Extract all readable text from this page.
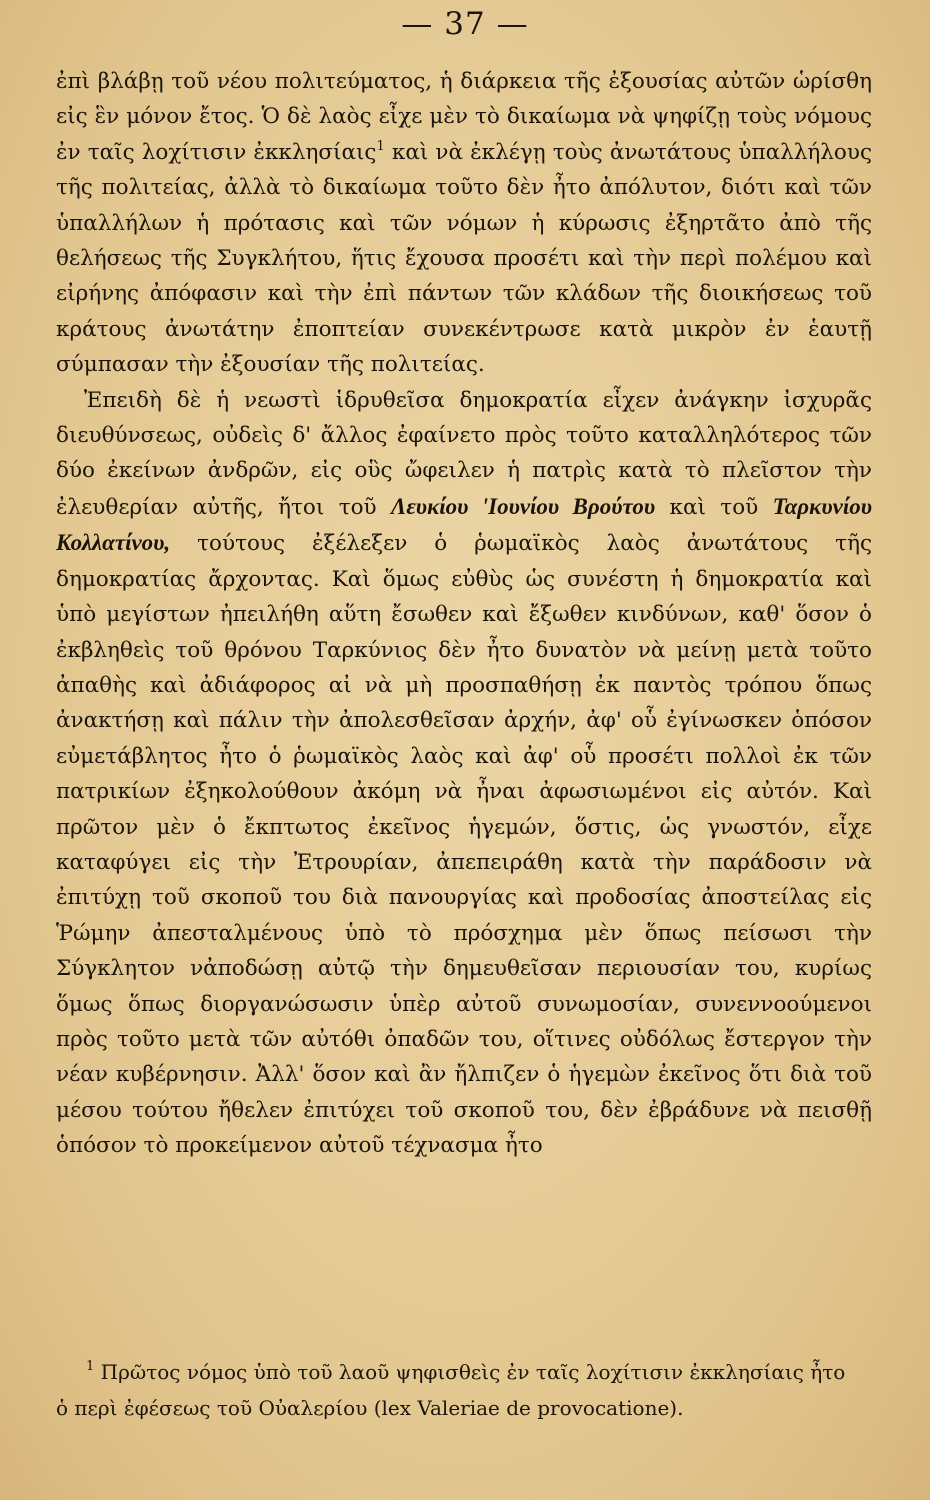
— 37 —

ἐπὶ βλάβῃ τοῦ νέου πολιτεύματος, ἡ διάρκεια τῆς ἐξουσίας αὐτῶν ὡρίσθη εἰς ἓν μόνον ἔτος. Ὁ δὲ λαὸς εἶχε μὲν τὸ δικαίωμα νὰ ψηφίζῃ τοὺς νόμους ἐν ταῖς λοχίτισιν ἐκκλησίαις$^1$ καὶ νὰ ἐκλέγῃ τοὺς ἀνωτάτους ὑπαλλήλους τῆς πολιτείας, ἀλλὰ τὸ δικαίωμα τοῦτο δὲν ἦτο ἀπόλυτον, διότι καὶ τῶν ὑπαλλήλων ἡ πρότασις καὶ τῶν νόμων ἡ κύρωσις ἐξηρτᾶτο ἀπὸ τῆς θελήσεως τῆς Συγκλήτου, ἥτις ἔχουσα προσέτι καὶ τὴν περὶ πολέμου καὶ εἰρήνης ἀπόφασιν καὶ τὴν ἐπὶ πάντων τῶν κλάδων τῆς διοικήσεως τοῦ κράτους ἀνωτάτην ἐποπτείαν συνεκέντρωσε κατὰ μικρὸν ἐν ἑαυτῇ σύμπασαν τὴν ἐξουσίαν τῆς πολιτείας.

Ἐπειδὴ δὲ ἡ νεωστὶ ἱδρυθεῖσα δημοκρατία εἶχεν ἀνάγκην ἰσχυρᾶς διευθύνσεως, οὐδεὶς δ' ἄλλος ἐφαίνετο πρὸς τοῦτο καταλληλότερος τῶν δύο ἐκείνων ἀνδρῶν, εἰς οὓς ὤφειλεν ἡ πατρὶς κατὰ τὸ πλεῖστον τὴν ἐλευθερίαν αὐτῆς, ἤτοι τοῦ Λευκίου 'Ιουνίου Βρούτου καὶ τοῦ Ταρκυνίου Κολλατίνου, τούτους ἐξέλεξεν ὁ ῥωμαϊκὸς λαὸς ἀνωτάτους τῆς δημοκρατίας ἄρχοντας. Καὶ ὅμως εὐθὺς ὡς συνέστη ἡ δημοκρατία καὶ ὑπὸ μεγίστων ἠπειλήθη αὕτη ἔσωθεν καὶ ἔξωθεν κινδύνων, καθ' ὅσον ὁ ἐκβληθεὶς τοῦ θρόνου Ταρκύνιος δὲν ἦτο δυνατὸν νὰ μείνῃ μετὰ τοῦτο ἀπαθὴς καὶ ἀδιάφορος αἰ νὰ μὴ προσπαθήσῃ ἐκ παντὸς τρόπου ὅπως ἀνακτήσῃ καὶ πάλιν τὴν ἀπολεσθεῖσαν ἀρχήν, ἀφ' οὗ ἐγίνωσκεν ὁπόσον εὐμετάβλητος ἦτο ὁ ῥωμαϊκὸς λαὸς καὶ ἀφ' οὗ προσέτι πολλοὶ ἐκ τῶν πατρικίων ἐξηκολούθουν ἀκόμη νὰ ἦναι ἀφωσιωμένοι εἰς αὐτόν. Καὶ πρῶτον μὲν ὁ ἔκπτωτος ἐκεῖνος ἡγεμών, ὅστις, ὡς γνωστόν, εἶχε καταφύγει εἰς τὴν Ἐτρουρίαν, ἀπεπειράθη κατὰ τὴν παράδοσιν νὰ ἐπιτύχῃ τοῦ σκοποῦ του διὰ πανουργίας καὶ προδοσίας ἀποστείλας εἰς Ῥώμην ἀπεσταλμένους ὑπὸ τὸ πρόσχημα μὲν ὅπως πείσωσι τὴν Σύγκλητον νἀποδώσῃ αὐτῷ τὴν δημευθεῖσαν περιουσίαν του, κυρίως ὅμως ὅπως διοργανώσωσιν ὑπὲρ αὐτοῦ συνωμοσίαν, συνεννοούμενοι πρὸς τοῦτο μετὰ τῶν αὐτόθι ὀπαδῶν του, οἵτινες οὐδόλως ἔστεργον τὴν νέαν κυβέρνησιν. Ἀλλ' ὅσον καὶ ἂν ἤλπιζεν ὁ ἡγεμὼν ἐκεῖνος ὅτι διὰ τοῦ μέσου τούτου ἤθελεν ἐπιτύχει τοῦ σκοποῦ του, δὲν ἐβράδυνε νὰ πεισθῇ ὁπόσον τὸ προκείμενον αὐτοῦ τέχνασμα ἦτο

$^1$ Πρῶτος νόμος ὑπὸ τοῦ λαοῦ ψηφισθεὶς ἐν ταῖς λοχίτισιν ἐκκλησίαις ἦτο
ὁ περὶ ἐφέσεως τοῦ Οὐαλερίου (lex Valeriae de provocatione).
